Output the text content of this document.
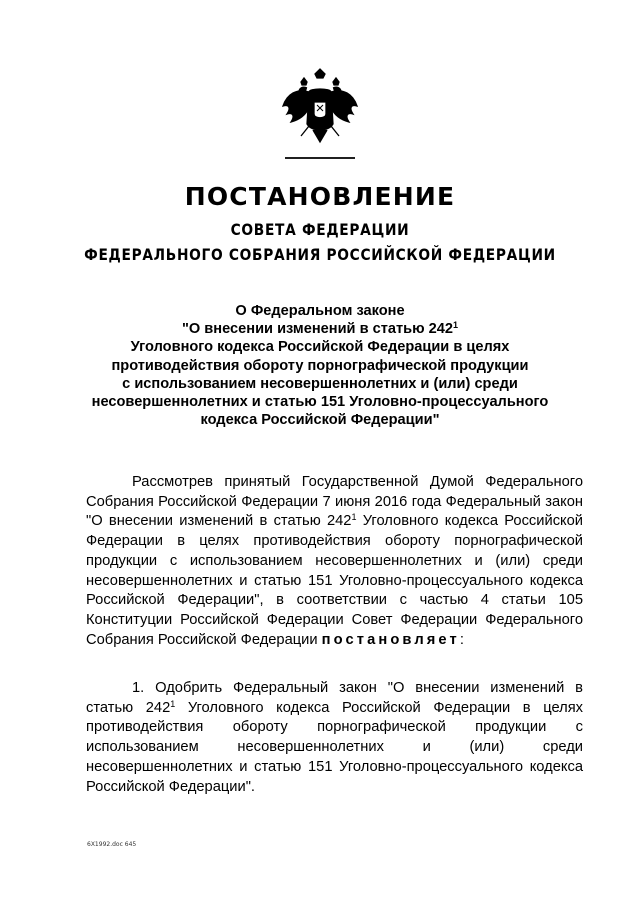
ПОСТАНОВЛЕНИЕ
СОВЕТА ФЕДЕРАЦИИ
ФЕДЕРАЛЬНОГО СОБРАНИЯ РОССИЙСКОЙ ФЕДЕРАЦИИ
О Федеральном законе
"О внесении изменений в статью $242^1$
Уголовного кодекса Российской Федерации в целях
противодействия обороту порнографической продукции
с использованием несовершеннолетних и (или) среди
несовершеннолетних и статью 151 Уголовно-процессуального
кодекса Российской Федерации"
Рассмотрев принятый Государственной Думой Федерального Собрания Российской Федерации 7 июня 2016 года Федеральный закон "О внесении изменений в статью $242^1$ Уголовного кодекса Российской Федерации в целях противодействия обороту порнографической продукции с использованием несовершеннолетних и (или) среди несовершеннолетних и статью 151 Уголовно-процессуального кодекса Российской Федерации", в соответствии с частью 4 статьи 105 Конституции Российской Федерации Совет Федерации Федерального Собрания Российской Федерации постановляет:
1. Одобрить Федеральный закон "О внесении изменений в статью $242^1$ Уголовного кодекса Российской Федерации в целях противодействия обороту порнографической продукции с использованием несовершеннолетних и (или) среди несовершеннолетних и статью 151 Уголовно-процессуального кодекса Российской Федерации".
6Х1992.doc 645
